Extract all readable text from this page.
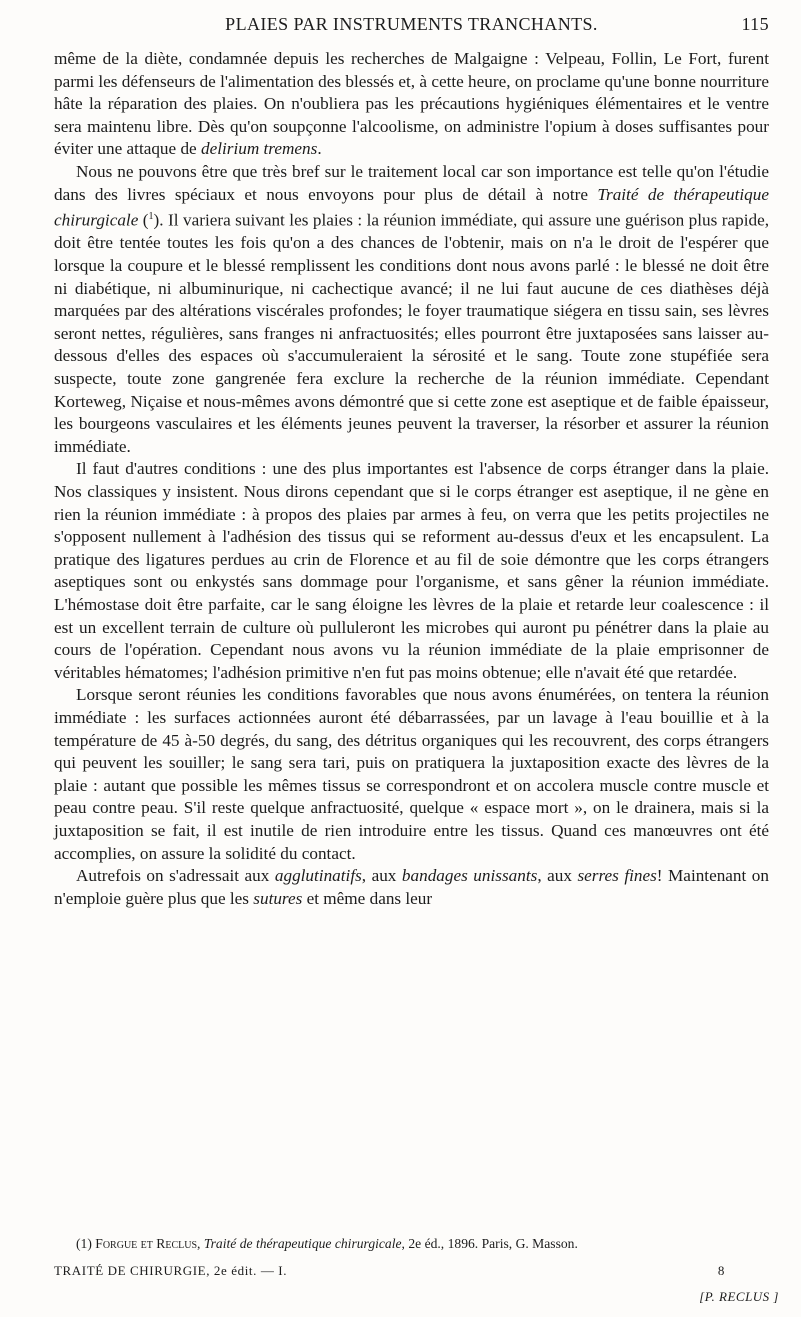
PLAIES PAR INSTRUMENTS TRANCHANTS.	115

même de la diète, condamnée depuis les recherches de Malgaigne : Velpeau, Follin, Le Fort, furent parmi les défenseurs de l'alimentation des blessés et, à cette heure, on proclame qu'une bonne nourriture hâte la réparation des plaies. On n'oubliera pas les précautions hygiéniques élémentaires et le ventre sera maintenu libre. Dès qu'on soupçonne l'alcoolisme, on administre l'opium à doses suffisantes pour éviter une attaque de delirium tremens.

Nous ne pouvons être que très bref sur le traitement local car son importance est telle qu'on l'étudie dans des livres spéciaux et nous envoyons pour plus de détail à notre Traité de thérapeutique chirurgicale ($^1$). Il variera suivant les plaies : la réunion immédiate, qui assure une guérison plus rapide, doit être tentée toutes les fois qu'on a des chances de l'obtenir, mais on n'a le droit de l'espérer que lorsque la coupure et le blessé remplissent les conditions dont nous avons parlé : le blessé ne doit être ni diabétique, ni albuminurique, ni cachectique avancé; il ne lui faut aucune de ces diathèses déjà marquées par des altérations viscérales profondes; le foyer traumatique siégera en tissu sain, ses lèvres seront nettes, régulières, sans franges ni anfractuosités; elles pourront être juxtaposées sans laisser au-dessous d'elles des espaces où s'accumuleraient la sérosité et le sang. Toute zone stupéfiée sera suspecte, toute zone gangrenée fera exclure la recherche de la réunion immédiate. Cependant Korteweg, Niçaise et nous-mêmes avons démontré que si cette zone est aseptique et de faible épaisseur, les bourgeons vasculaires et les éléments jeunes peuvent la traverser, la résorber et assurer la réunion immédiate.

Il faut d'autres conditions : une des plus importantes est l'absence de corps étranger dans la plaie. Nos classiques y insistent. Nous dirons cependant que si le corps étranger est aseptique, il ne gène en rien la réunion immédiate : à propos des plaies par armes à feu, on verra que les petits projectiles ne s'opposent nullement à l'adhésion des tissus qui se reforment au-dessus d'eux et les encapsulent. La pratique des ligatures perdues au crin de Florence et au fil de soie démontre que les corps étrangers aseptiques sont ou enkystés sans dommage pour l'organisme, et sans gêner la réunion immédiate. L'hémostase doit être parfaite, car le sang éloigne les lèvres de la plaie et retarde leur coalescence : il est un excellent terrain de culture où pulluleront les microbes qui auront pu pénétrer dans la plaie au cours de l'opération. Cependant nous avons vu la réunion immédiate de la plaie emprisonner de véritables hématomes; l'adhésion primitive n'en fut pas moins obtenue; elle n'avait été que retardée.

Lorsque seront réunies les conditions favorables que nous avons énumérées, on tentera la réunion immédiate : les surfaces actionnées auront été débarrassées, par un lavage à l'eau bouillie et à la température de 45 à-50 degrés, du sang, des détritus organiques qui les recouvrent, des corps étrangers qui peuvent les souiller; le sang sera tari, puis on pratiquera la juxtaposition exacte des lèvres de la plaie : autant que possible les mêmes tissus se correspondront et on accolera muscle contre muscle et peau contre peau. S'il reste quelque anfractuosité, quelque « espace mort », on le drainera, mais si la juxtaposition se fait, il est inutile de rien introduire entre les tissus. Quand ces manœuvres ont été accomplies, on assure la solidité du contact.

Autrefois on s'adressait aux agglutinatifs, aux bandages unissants, aux serres fines! Maintenant on n'emploie guère plus que les sutures et même dans leur

(1) Forgue et Reclus, Traité de thérapeutique chirurgicale, 2e éd., 1896. Paris, G. Masson.

TRAITÉ DE CHIRURGIE, 2e édit. — I.	8
[P. RECLUS ]
